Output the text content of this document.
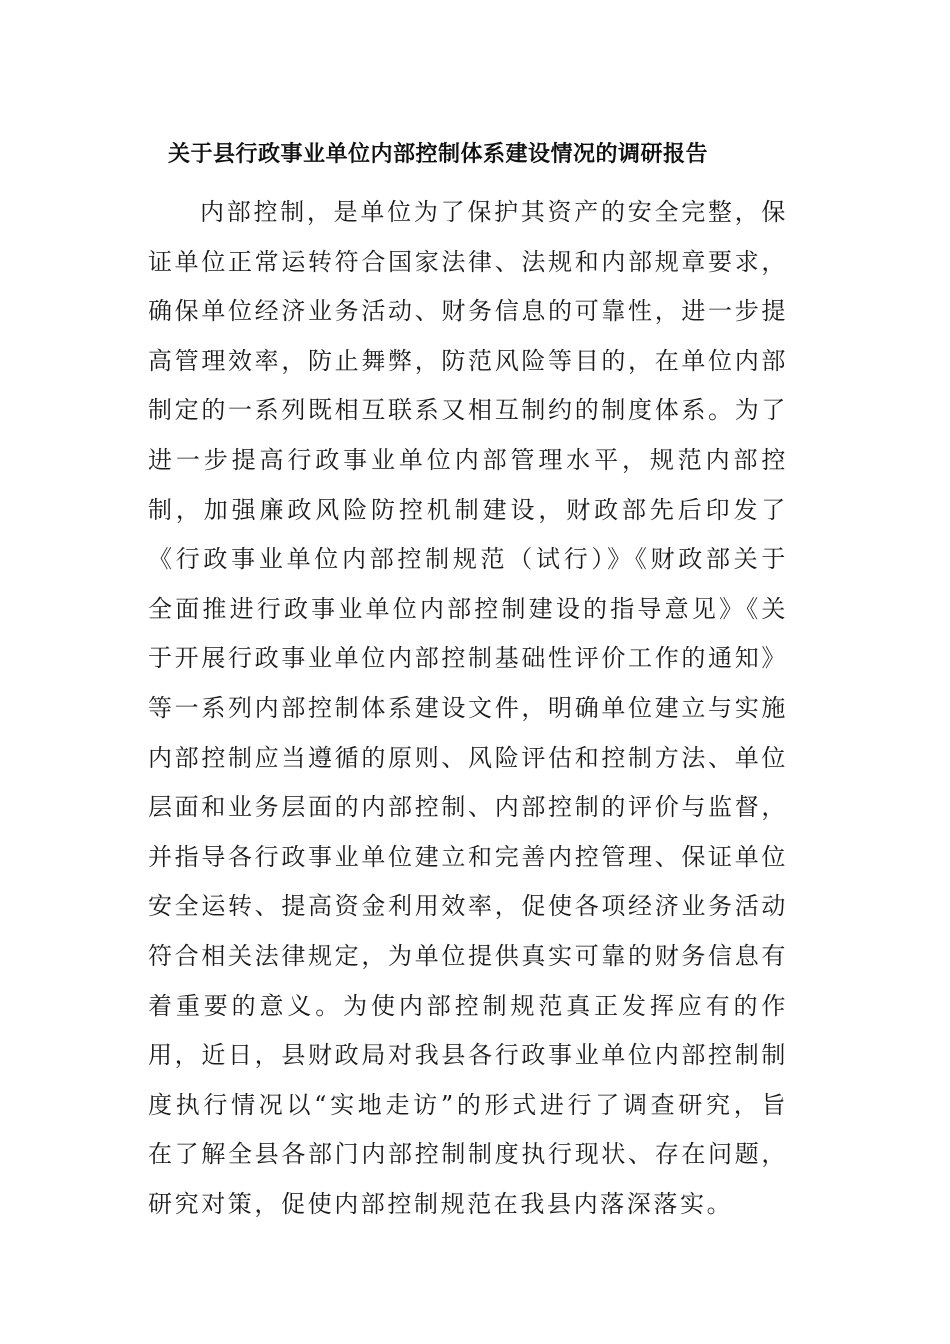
关于县行政事业单位内部控制体系建设情况的调研报告

内部控制，是单位为了保护其资产的安全完整，保证单位正常运转符合国家法律、法规和内部规章要求，确保单位经济业务活动、财务信息的可靠性，进一步提高管理效率，防止舞弊，防范风险等目的，在单位内部制定的一系列既相互联系又相互制约的制度体系。为了进一步提高行政事业单位内部管理水平，规范内部控制，加强廉政风险防控机制建设，财政部先后印发了《行政事业单位内部控制规范（试行）》《财政部关于全面推进行政事业单位内部控制建设的指导意见》《关于开展行政事业单位内部控制基础性评价工作的通知》等一系列内部控制体系建设文件，明确单位建立与实施内部控制应当遵循的原则、风险评估和控制方法、单位层面和业务层面的内部控制、内部控制的评价与监督，并指导各行政事业单位建立和完善内控管理、保证单位安全运转、提高资金利用效率，促使各项经济业务活动符合相关法律规定，为单位提供真实可靠的财务信息有着重要的意义。为使内部控制规范真正发挥应有的作用，近日，县财政局对我县各行政事业单位内部控制制度执行情况以“实地走访”的形式进行了调查研究，旨在了解全县各部门内部控制制度执行现状、存在问题，研究对策，促使内部控制规范在我县内落深落实。
